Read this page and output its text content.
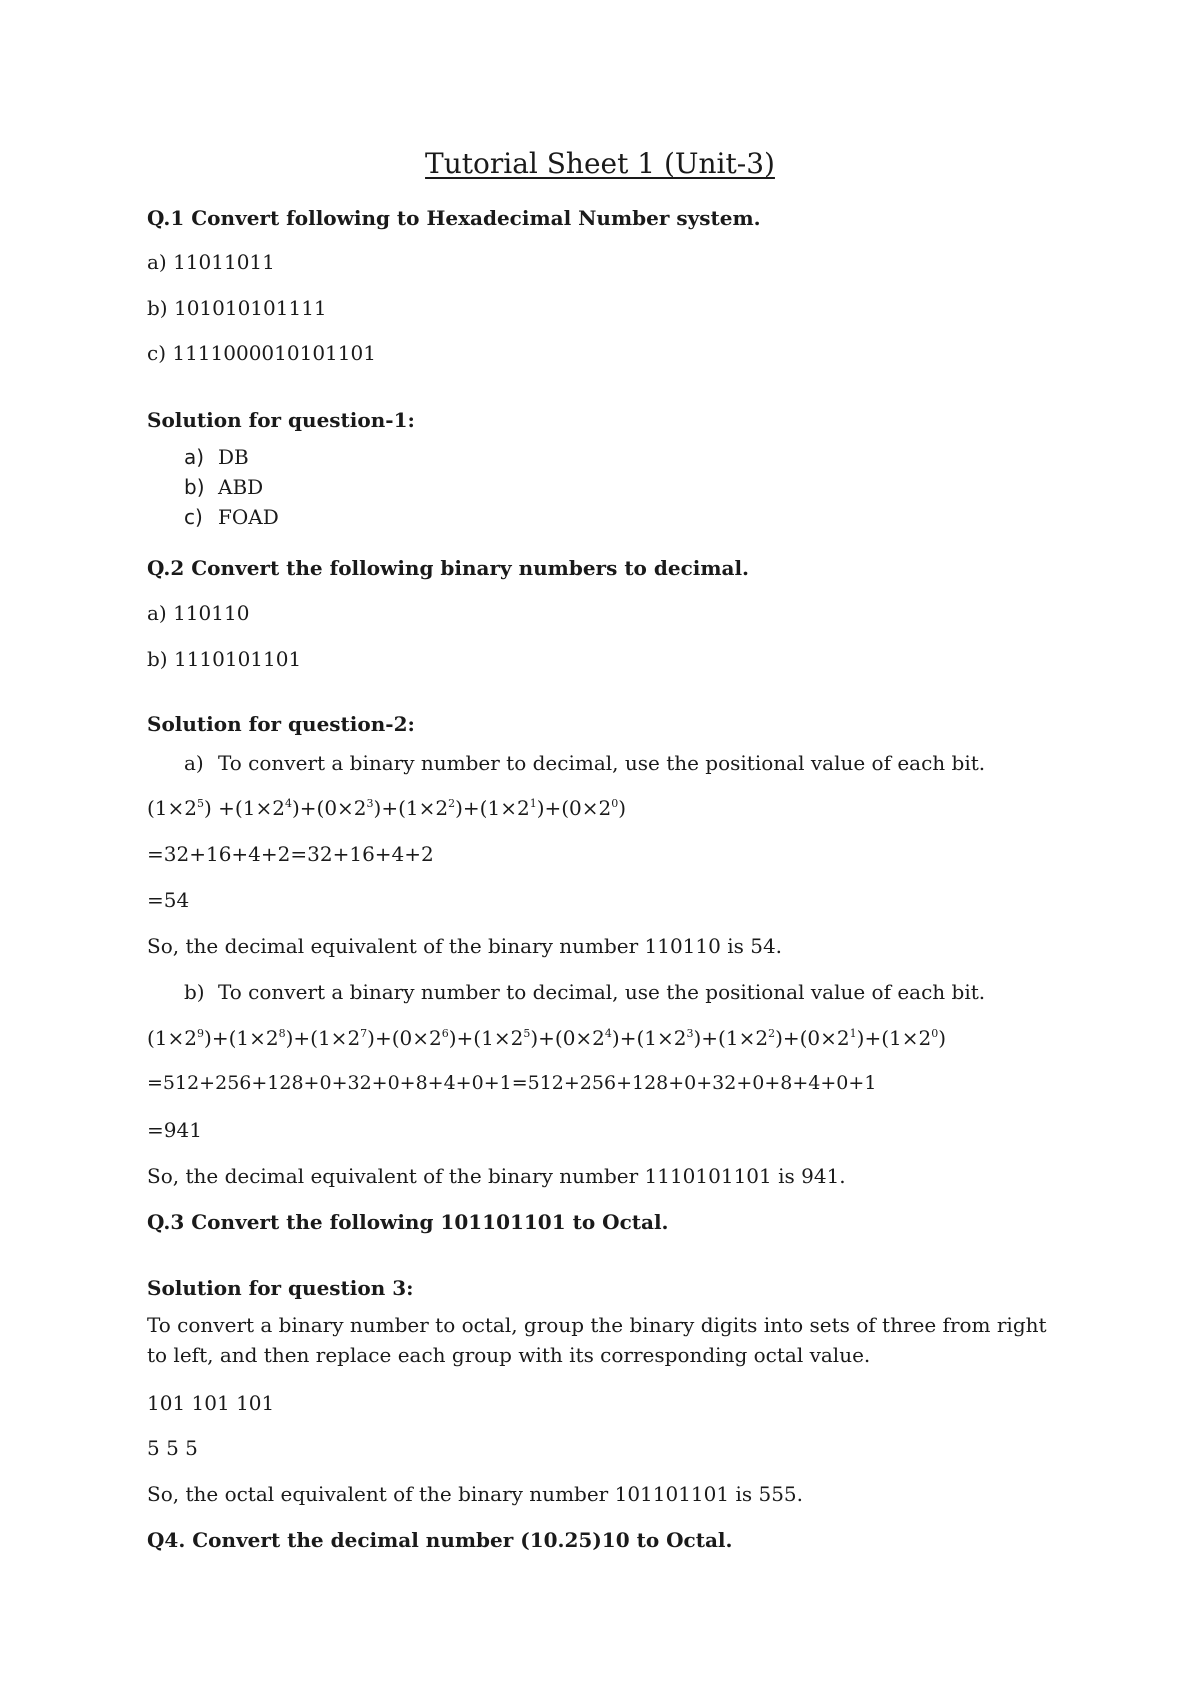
Tutorial Sheet 1 (Unit-3)
Q.1 Convert following to Hexadecimal Number system.
a) 11011011
b) 101010101111
c) 1111000010101101
Solution for question-1:
a) DB
b) ABD
c) FOAD
Q.2 Convert the following binary numbers to decimal.
a) 110110
b) 1110101101
Solution for question-2:
a) To convert a binary number to decimal, use the positional value of each bit.
$(1\times 2^5) +(1\times 2^4)+(0\times 2^3)+(1\times 2^2)+(1\times 2^1)+(0\times 2^0)$
=32+16+4+2=32+16+4+2
=54
So, the decimal equivalent of the binary number 110110 is 54.
b) To convert a binary number to decimal, use the positional value of each bit.
$(1\times 2^9)+(1\times 2^8)+(1\times 2^7)+(0\times 2^6)+(1\times 2^5)+(0\times 2^4)+(1\times 2^3)+(1\times 2^2)+(0\times 2^1)+(1\times 2^0)$
=512+256+128+0+32+0+8+4+0+1=512+256+128+0+32+0+8+4+0+1
=941
So, the decimal equivalent of the binary number 1110101101 is 941.
Q.3 Convert the following 101101101 to Octal.
Solution for question 3:
To convert a binary number to octal, group the binary digits into sets of three from right to left, and then replace each group with its corresponding octal value.
101 101 101
5 5 5
So, the octal equivalent of the binary number 101101101 is 555.
Q4. Convert the decimal number (10.25)10 to Octal.
